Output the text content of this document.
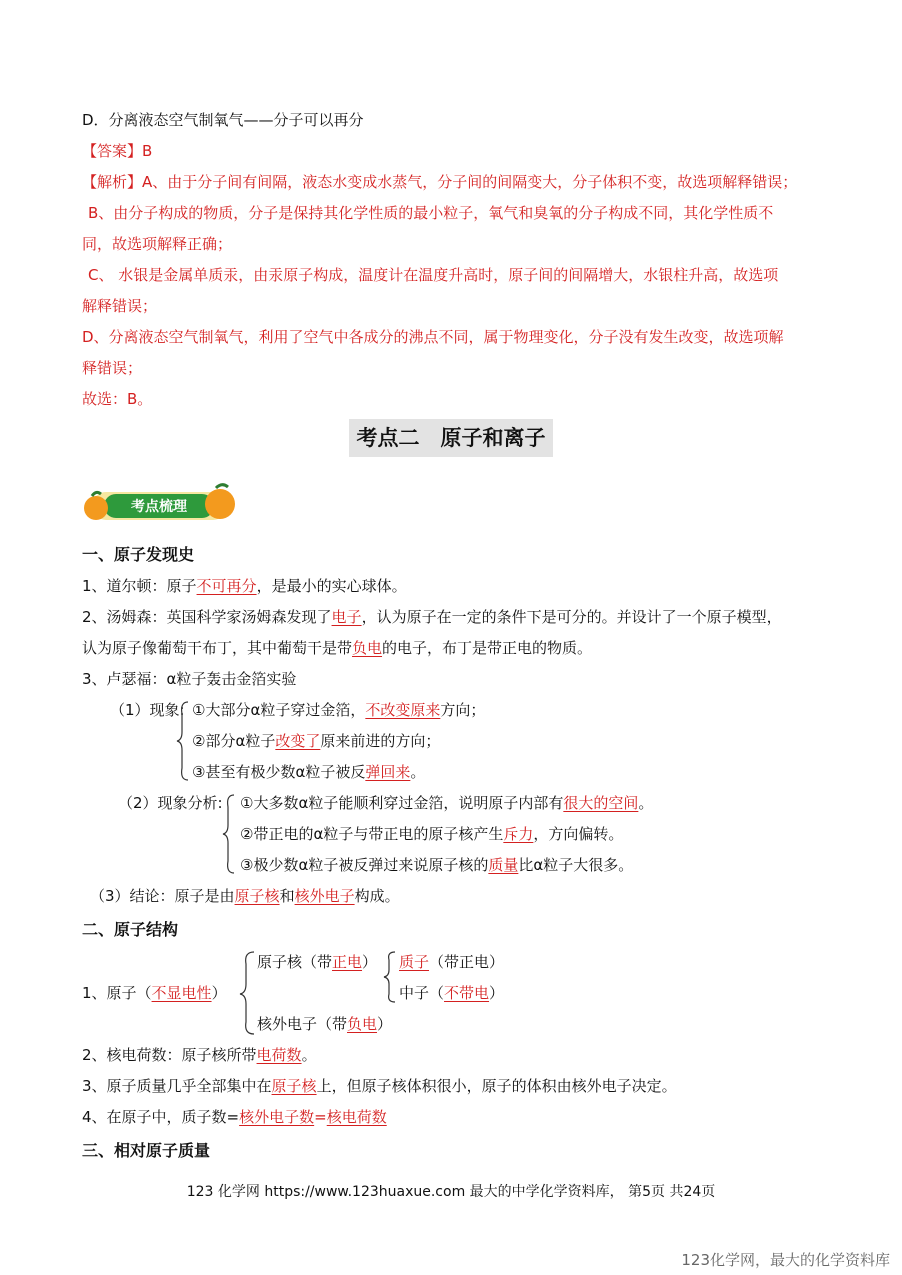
D．分离液态空气制氧气——分子可以再分
【答案】B
【解析】A、由于分子间有间隔，液态水变成水蒸气，分子间的间隔变大，分子体积不变，故选项解释错误；
B、由分子构成的物质，分子是保持其化学性质的最小粒子，氧气和臭氧的分子构成不同，其化学性质不
同，故选项解释正确；
C、 水银是金属单质汞，由汞原子构成，温度计在温度升高时，原子间的间隔增大，水银柱升高，故选项
解释错误；
D、分离液态空气制氧气，利用了空气中各成分的沸点不同，属于物理变化，分子没有发生改变，故选项解
释错误；
故选：B。
考点二　原子和离子
考点梳理
一、原子发现史
1、道尔顿：原子不可再分，是最小的实心球体。
2、汤姆森：英国科学家汤姆森发现了电子，认为原子在一定的条件下是可分的。并设计了一个原子模型，
认为原子像葡萄干布丁，其中葡萄干是带负电的电子，布丁是带正电的物质。
3、卢瑟福：α粒子轰击金箔实验
（1）现象: ①大部分α粒子穿过金箔，不改变原来方向；
②部分α粒子改变了原来前进的方向；
③甚至有极少数α粒子被反弹回来。
（2）现象分析: ①大多数α粒子能顺利穿过金箔，说明原子内部有很大的空间。
②带正电的α粒子与带正电的原子核产生斥力，方向偏转。
③极少数α粒子被反弹过来说原子核的质量比α粒子大很多。
（3）结论：原子是由原子核和核外电子构成。
二、原子结构
1、原子（不显电性）
原子核（带正电） 质子（带正电）
中子（不带电）
核外电子（带负电）
2、核电荷数：原子核所带电荷数。
3、原子质量几乎全部集中在原子核上，但原子核体积很小，原子的体积由核外电子决定。
4、在原子中，质子数=核外电子数=核电荷数
三、相对原子质量
123 化学网 https://www.123huaxue.com 最大的中学化学资料库， 第5页 共24页
123化学网，最大的化学资料库
